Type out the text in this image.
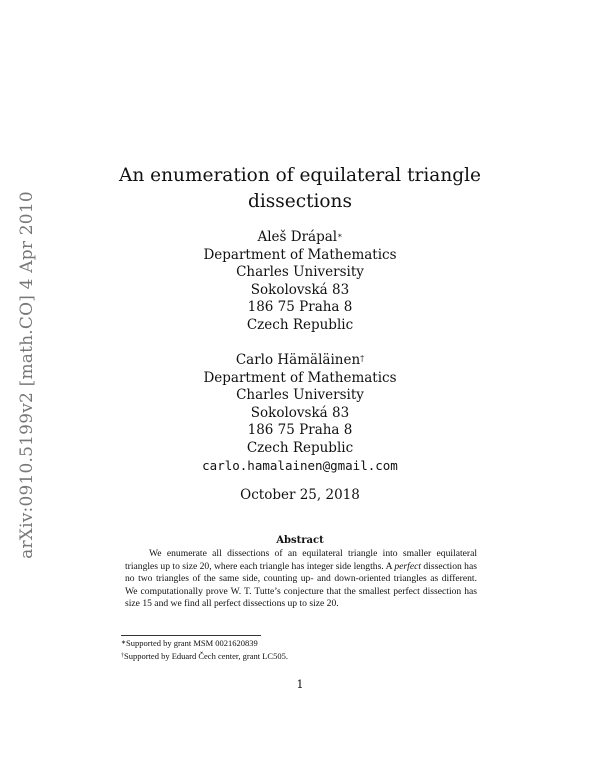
arXiv:0910.5199v2 [math.CO] 4 Apr 2010
An enumeration of equilateral triangle
dissections
Aleš Drápal∗
Department of Mathematics
Charles University
Sokolovská 83
186 75 Praha 8
Czech Republic
Carlo Hämäläinen†
Department of Mathematics
Charles University
Sokolovská 83
186 75 Praha 8
Czech Republic
carlo.hamalainen@gmail.com
October 25, 2018
Abstract
We enumerate all dissections of an equilateral triangle into smaller equilateral triangles up to size 20, where each triangle has integer side lengths. A perfect dissection has no two triangles of the same side, counting up- and down-oriented triangles as different. We computationally prove W. T. Tutte’s conjecture that the smallest perfect dissection has size 15 and we find all perfect dissections up to size 20.
∗Supported by grant MSM 0021620839
†Supported by Eduard Čech center, grant LC505.
1
